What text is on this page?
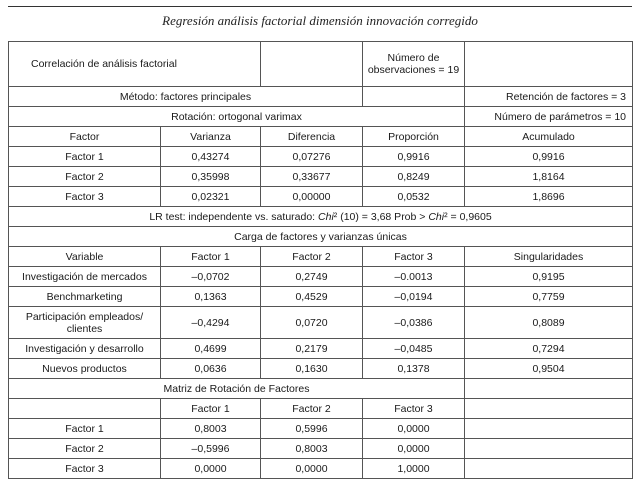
Regresión análisis factorial dimensión innovación corregido
Correlación de análisis factorial			Número de observaciones = 19	
Método: factores principales				Retención de factores = 3
Rotación: ortogonal varimax				Número de parámetros = 10
Factor	Varianza	Diferencia	Proporción	Acumulado
Factor 1	0,43274	0,07276	0,9916	0,9916
Factor 2	0,35998	0,33677	0,8249	1,8164
Factor 3	0,02321	0,00000	0,0532	1,8696
LR test: independente vs. saturado: Chi² (10) = 3,68 Prob > Chi² = 0,9605				
Carga de factores y varianzas únicas				
Variable	Factor 1	Factor 2	Factor 3	Singularidades
Investigación de mercados	–0,0702	0,2749	–0.0013	0,9195
Benchmarketing	0,1363	0,4529	–0,0194	0,7759
Participación empleados/ clientes	–0,4294	0,0720	–0,0386	0,8089
Investigación y desarrollo	0,4699	0,2179	–0,0485	0,7294
Nuevos productos	0,0636	0,1630	0,1378	0,9504
Matriz de Rotación de Factores				
	Factor 1	Factor 2	Factor 3	
Factor 1	0,8003	0,5996	0,0000	
Factor 2	–0,5996	0,8003	0,0000	
Factor 3	0,0000	0,0000	1,0000	
